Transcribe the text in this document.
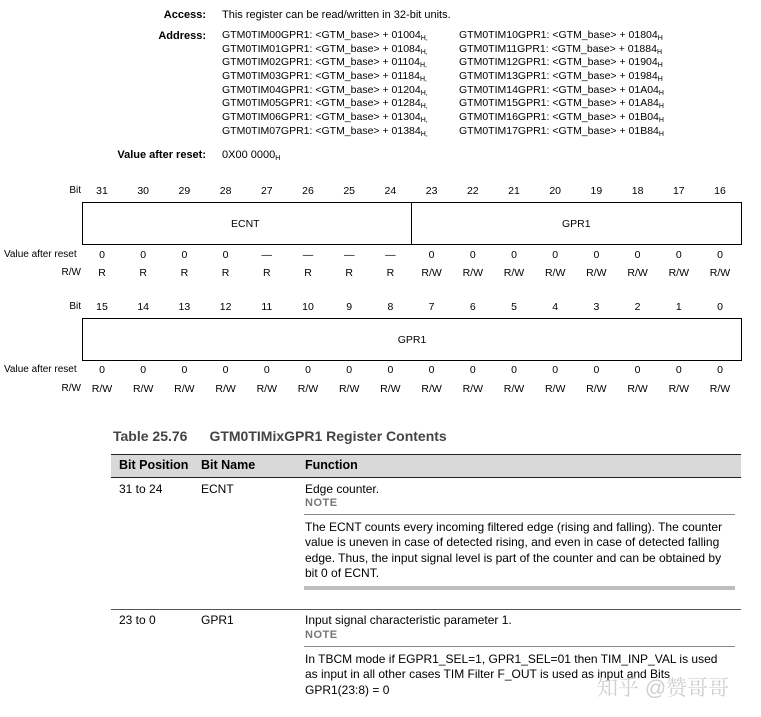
Access: This register can be read/written in 32-bit units.
Address: GTM0TIM00GPR1: <GTM_base> + $01004_{H,}$
GTM0TIM01GPR1: <GTM_base> + $01084_{H,}$
GTM0TIM02GPR1: <GTM_base> + $01104_{H,}$
GTM0TIM03GPR1: <GTM_base> + $01184_{H,}$
GTM0TIM04GPR1: <GTM_base> + $01204_{H,}$
GTM0TIM05GPR1: <GTM_base> + $01284_{H,}$
GTM0TIM06GPR1: <GTM_base> + $01304_{H,}$
GTM0TIM07GPR1: <GTM_base> + $01384_{H,}$
GTM0TIM10GPR1: <GTM_base> + $01804_H$
GTM0TIM11GPR1: <GTM_base> + $01884_H$
GTM0TIM12GPR1: <GTM_base> + $01904_H$
GTM0TIM13GPR1: <GTM_base> + $01984_H$
GTM0TIM14GPR1: <GTM_base> + $01A04_H$
GTM0TIM15GPR1: <GTM_base> + $01A84_H$
GTM0TIM16GPR1: <GTM_base> + $01B04_H$
GTM0TIM17GPR1: <GTM_base> + $01B84_H$
Value after reset: 0X00 $0000_H$
Bit	31	30	29	28	27	26	25	24	23	22	21	20	19	18	17	16
ECNT	GPR1
Value after reset	0	0	0	0	—	—	—	—	0	0	0	0	0	0	0	0
R/W	R	R	R	R	R	R	R	R	R/W	R/W	R/W	R/W	R/W	R/W	R/W	R/W
Bit	15	14	13	12	11	10	9	8	7	6	5	4	3	2	1	0
GPR1
Value after reset	0	0	0	0	0	0	0	0	0	0	0	0	0	0	0	0
R/W	R/W	R/W	R/W	R/W	R/W	R/W	R/W	R/W	R/W	R/W	R/W	R/W	R/W	R/W	R/W	R/W
Table 25.76 GTM0TIMixGPR1 Register Contents
Bit Position Bit Name	Function
31 to 24	ECNT	Edge counter.
NOTE
The ECNT counts every incoming filtered edge (rising and falling). The counter value is uneven in case of detected rising, and even in case of detected falling edge. Thus, the input signal level is part of the counter and can be obtained by bit 0 of ECNT.
23 to 0	GPR1	Input signal characteristic parameter 1.
NOTE
In TBCM mode if EGPR1_SEL=1, GPR1_SEL=01 then TIM_INP_VAL is used as input in all other cases TIM Filter F_OUT is used as input and Bits GPR1(23:8) = 0	知乎 @赞哥哥
